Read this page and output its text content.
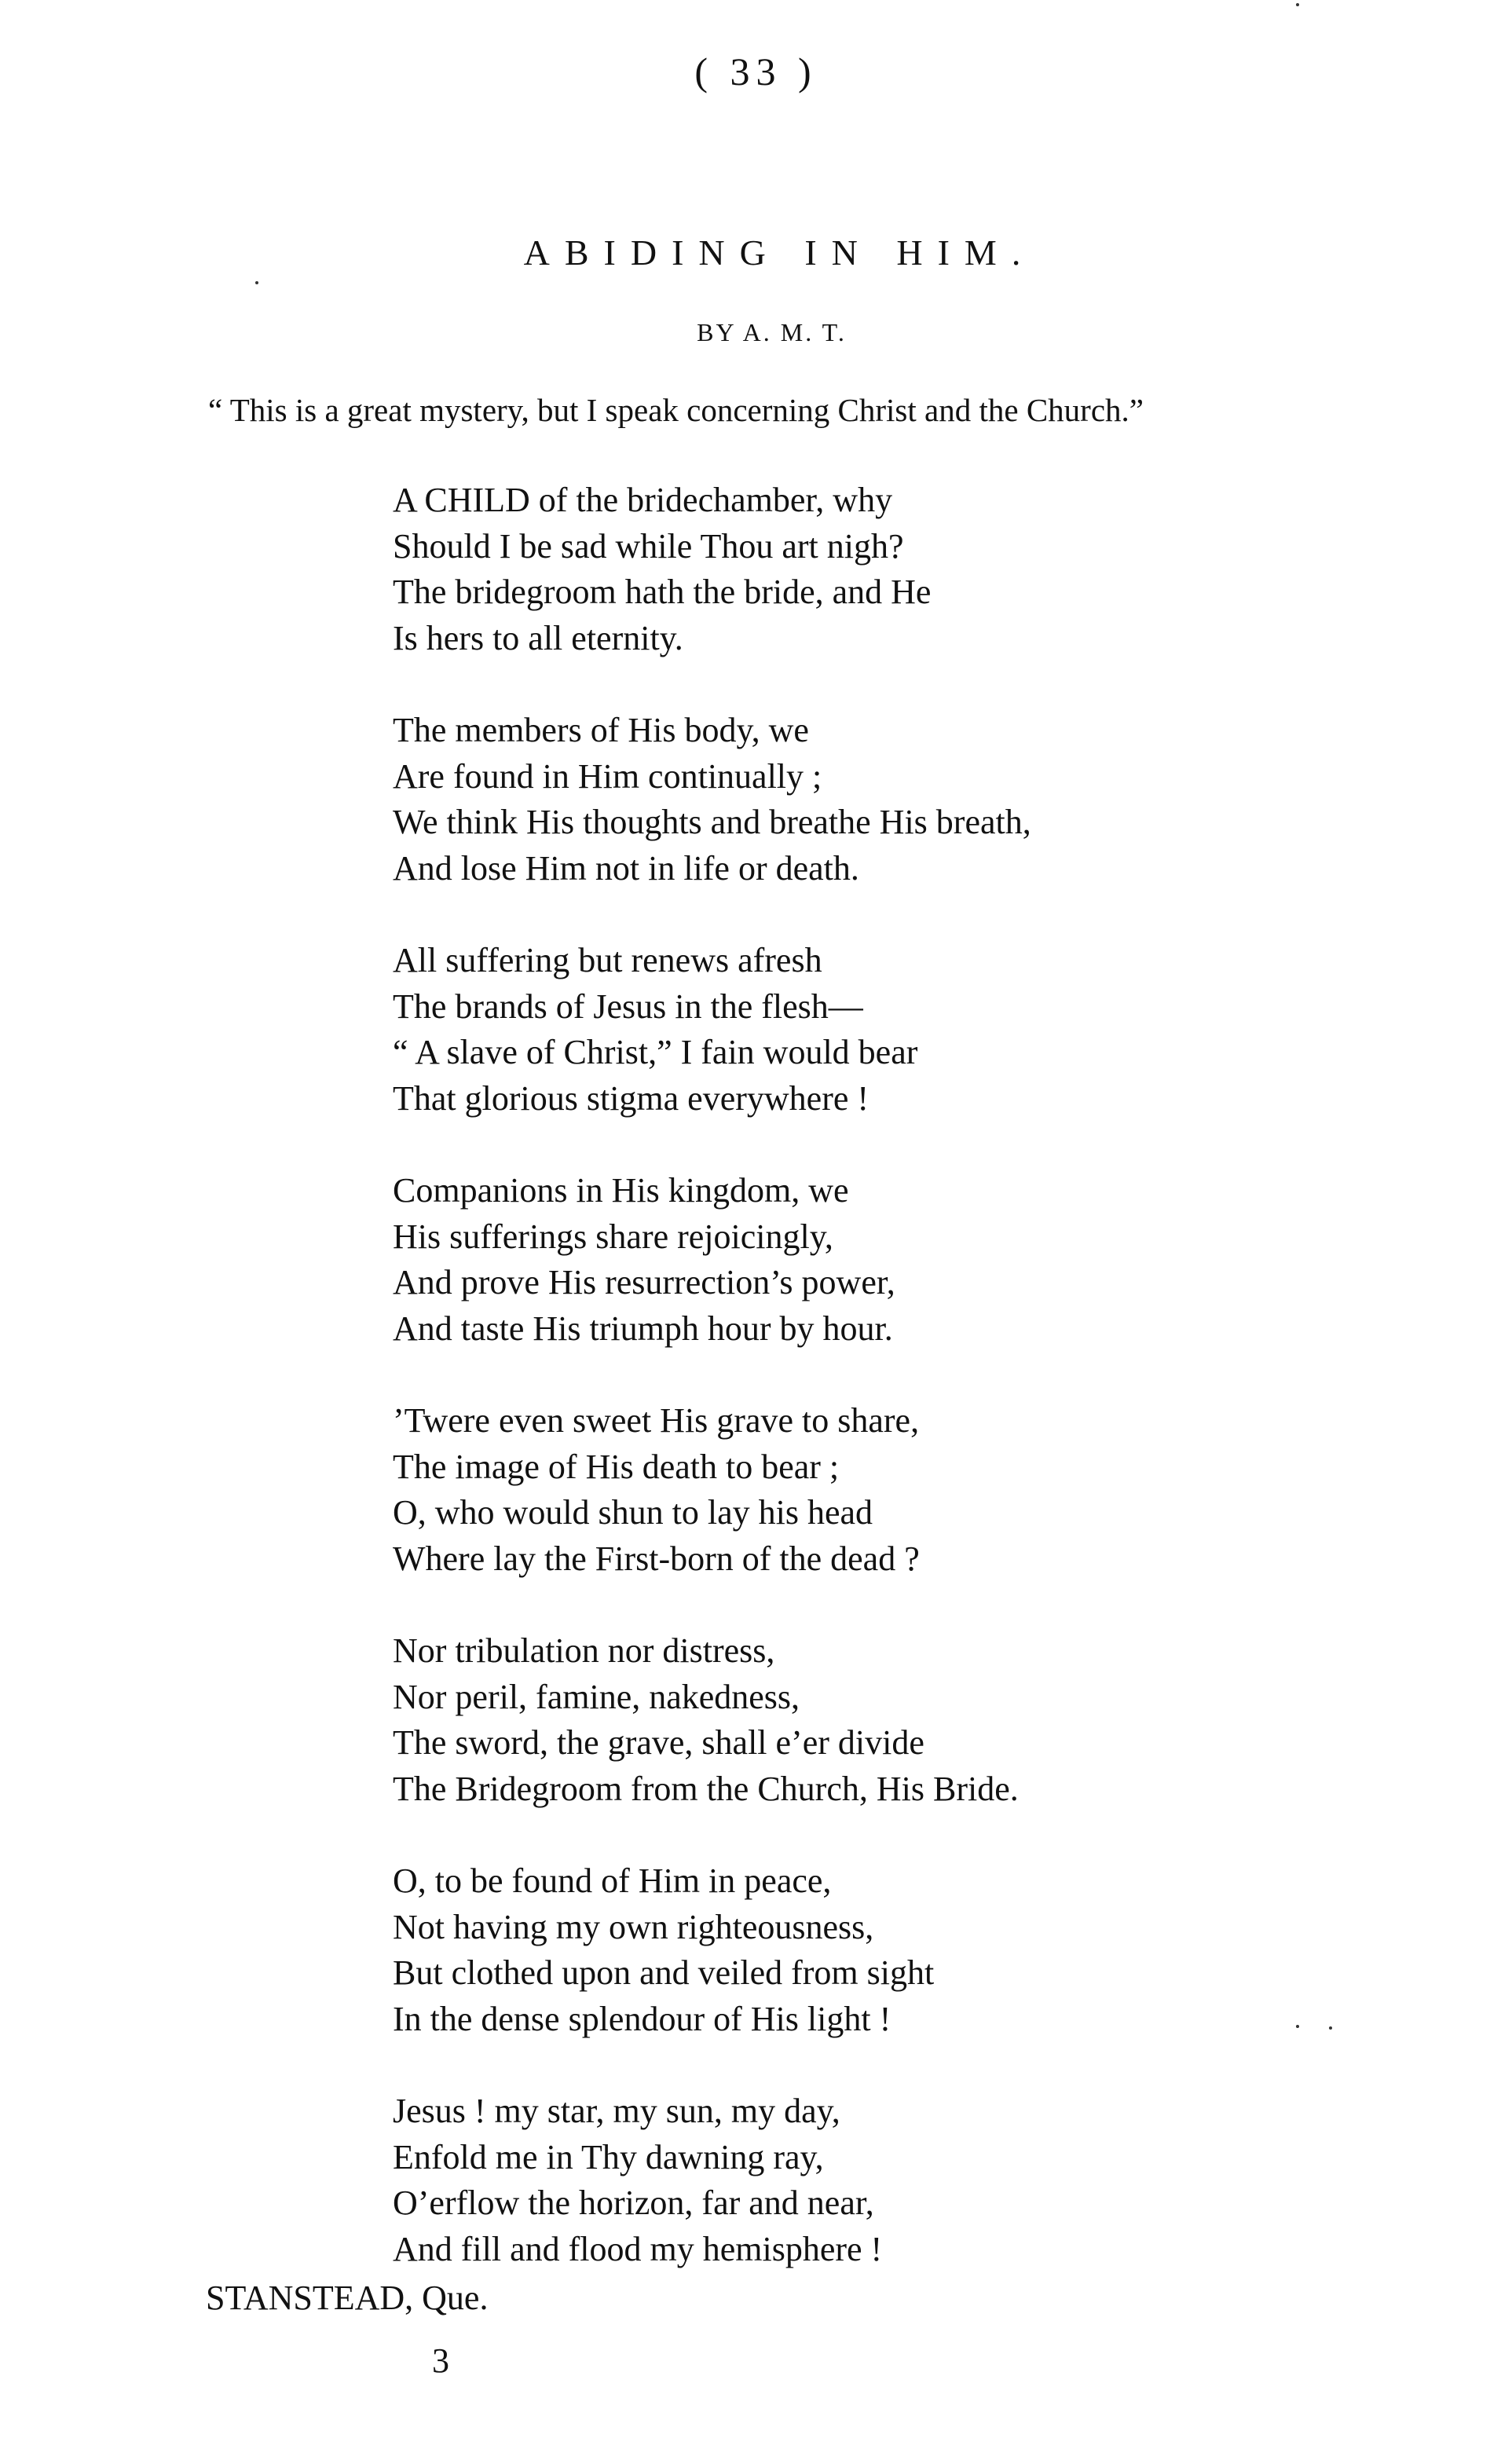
( 33 )
ABIDING IN HIM.
BY A. M. T.
“ This is a great mystery, but I speak concerning Christ and the Church.”
A CHILD of the bridechamber, why
Should I be sad while Thou art nigh?
The bridegroom hath the bride, and He
Is hers to all eternity.
The members of His body, we
Are found in Him continually ;
We think His thoughts and breathe His breath,
And lose Him not in life or death.
All suffering but renews afresh
The brands of Jesus in the flesh—
“ A slave of Christ,” I fain would bear
That glorious stigma everywhere !
Companions in His kingdom, we
His sufferings share rejoicingly,
And prove His resurrection’s power,
And taste His triumph hour by hour.
’Twere even sweet His grave to share,
The image of His death to bear ;
O, who would shun to lay his head
Where lay the First-born of the dead ?
Nor tribulation nor distress,
Nor peril, famine, nakedness,
The sword, the grave, shall e’er divide
The Bridegroom from the Church, His Bride.
O, to be found of Him in peace,
Not having my own righteousness,
But clothed upon and veiled from sight
In the dense splendour of His light !
Jesus ! my star, my sun, my day,
Enfold me in Thy dawning ray,
O’erflow the horizon, far and near,
And fill and flood my hemisphere !
STANSTEAD, Que.
3
